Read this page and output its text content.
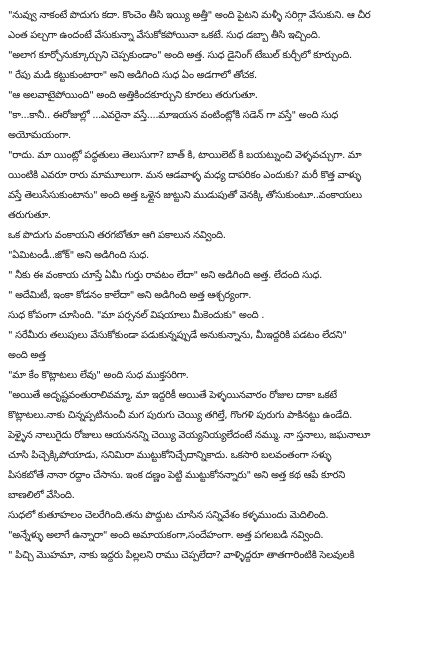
"నువ్వు నాకంటే పొదుగు కదా. కొంచెం తీసి ఇయ్యి అత్తీ" అంది పైటని మళ్ళీ సరిగ్గా వేసుకుని. ఆ చీర
ఎంత పల్చగా ఉందంటే వేసుకున్నా వేసుకోకపోయినా ఒకటే. సుధ డబ్బా తీసి ఇచ్చింది.
"అలాగ కూర్చోనుక్కూర్చుని చెప్పకుండాం" అంది అత్త. సుధ డైనింగ్ టేబుల్ కుర్చీలో కూర్చుంది.
" రేపు మడి కట్టుకుంటారా" అని అడిగింది సుధ ఏం అడగాలో తోచక.
"ఆ అలవాటైపోయింది" అంది అత్తికిందకూర్చుని కూరలు తరుగుతూ.
"కా...కానీ.. ఈరోజుల్లో ...ఎవరైనా వస్తే....మాఇయన వంటింట్లోకి సడెన్ గా వస్తే" అంది సుధ
అయోమయంగా.
"రాదు. మా యింట్లో పద్ధతులు తెలుసుగా? బాత్ కి, టాయిలెట్ కి బయట్నుంచి వెళ్ళవచ్చుగా. మా
యింటికి ఎవరూ రారు మామూలుగా. మన ఆడవాళ్ళ మధ్య దాపరికం ఎందుకు? మరీ కొత్త వాళ్ళు
వస్తే తెలుసేసుకుంటాను" అంది అత్త ఒళ్లైన జుట్టుని ముడుపుతో వెనక్కి తోసుకుంటూ..వంకాయలు
తరుగుతూ.
ఒక పొదుగు వంకాయని తరగబోతూ ఆగి పకాలున నవ్వింది.
"ఏమిటండీ..జోక్" అని అడిగింది సుధ.
" నీకు ఈ వంకాయ చూస్తే ఏమీ గుర్తు రావటం లేదా" అని అడిగింది అత్త. లేదంది సుధ.
" అదేమిటీ, ఇంకా కోడనం కాలేదా" అని అడిగింది అత్త ఆశ్చర్యంగా.
సుధ కోపంగా చూసింది. "మా పర్సనల్ విషయాలు మీకెందుకు" అంది .
" సరేమీరు తలుపులు వేసుకోకుండా పడుకున్నప్పుడే అనుకున్నాను, మీఇద్దరికి పడటం లేదని"
అంది అత్త
"మా కేం కొట్లాటలు లేవు" అంది సుధ ముక్తసరిగా.
"అయితే అదృష్టవంతురాలివమ్మా, మా ఇద్దరికీ అయితే పెళ్ళయినవారం రోజుల దాకా ఒకటే
కొట్లాటలు.నాకు చిన్నప్పటినుంచీ మగ పురుగు చెయ్యి తగిల్తే, గొంగళి పురుగు పాకినట్టు ఉండేది.
పెళ్ళైన నాలుగైదు రోజులు ఆయననన్ని చెయ్యి వెయ్యనియ్యలేదంటే నమ్ము. నా స్తనాలు, జఘనాలూ
చూసి పిచ్చెక్కిపోయాడు, సనిమిరా ముట్టుకోనిచ్చేదాన్నికాదు. ఒకసారి బలవంతంగా సళ్ళు
పిసకబోతే నానా రద్దాం చేసాను. ఇంక దణ్ణం పెట్టి ముట్టుకోనన్నారు" అని అత్త కథ ఆపే కూరని
బాణలిలో వేసింది.
సుధలో కుతూహలం చెలరేగింది.తను పొద్దుట చూసిన సన్నివేశం కళ్ళముందు మెదిలింది.
"అన్నేళ్ళు అలాగే ఉన్నారా" అంది అమాయకంగా,సందేహంగా. అత్త పగలబడి నవ్వింది.
" పిచ్చి మొహమా, నాకు ఇద్దరు పిల్లలని రాము చెప్పలేదా? వాళ్ళిద్దరూ తాతగారింటికి సెలవులకి
